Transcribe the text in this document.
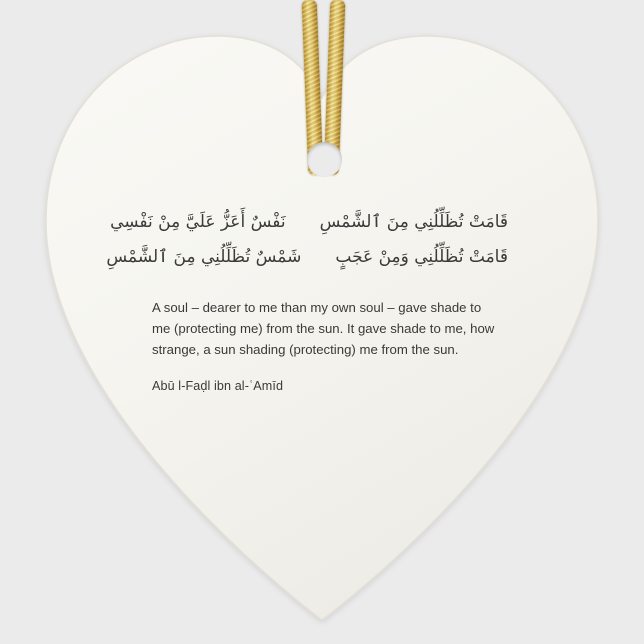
قَامَتْ تُظَلِّلُنِي مِنَ ٱلشَّمْسِ
نَفْسٌ أَعَزُّ عَلَيَّ مِنْ نَفْسِي
قَامَتْ تُظَلِّلُنِي وَمِنْ عَجَبٍ
شَمْسٌ تُظَلِّلُنِي مِنَ ٱلشَّمْسِ
A soul – dearer to me than my own soul – gave shade to me (protecting me) from the sun. It gave shade to me, how strange, a sun shading (protecting) me from the sun.
Abū l-Faḍl ibn al-ʿAmīd
